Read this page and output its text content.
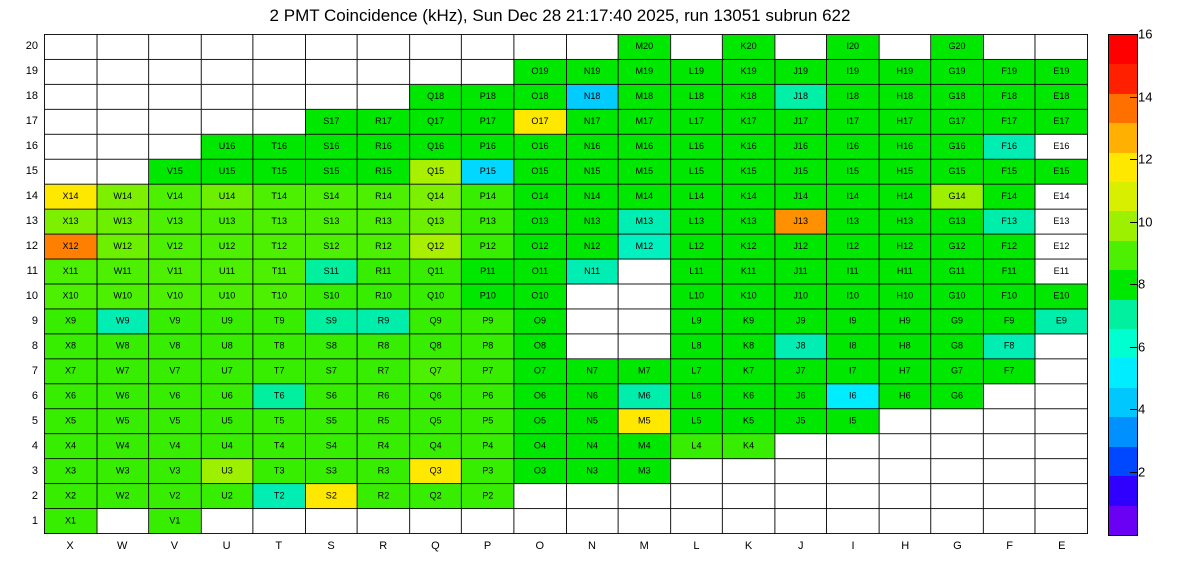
2 PMT Coincidence (kHz), Sun Dec 28 21:17:40 2025, run 13051 subrun 622
20
19
18
17
16
15
14
13
12
11
10
9
8
7
6
5
4
3
2
1
											M20		K20		I20		G20		
									O19	N19	M19	L19	K19	J19	I19	H19	G19	F19	E19
							Q18	P18	O18	N18	M18	L18	K18	J18	I18	H18	G18	F18	E18
					S17	R17	Q17	P17	O17	N17	M17	L17	K17	J17	I17	H17	G17	F17	E17
			U16	T16	S16	R16	Q16	P16	O16	N16	M16	L16	K16	J16	I16	H16	G16	F16	E16
		V15	U15	T15	S15	R15	Q15	P15	O15	N15	M15	L15	K15	J15	I15	H15	G15	F15	E15
X14	W14	V14	U14	T14	S14	R14	Q14	P14	O14	N14	M14	L14	K14	J14	I14	H14	G14	F14	E14
X13	W13	V13	U13	T13	S13	R13	Q13	P13	O13	N13	M13	L13	K13	J13	I13	H13	G13	F13	E13
X12	W12	V12	U12	T12	S12	R12	Q12	P12	O12	N12	M12	L12	K12	J12	I12	H12	G12	F12	E12
X11	W11	V11	U11	T11	S11	R11	Q11	P11	O11	N11		L11	K11	J11	I11	H11	G11	F11	E11
X10	W10	V10	U10	T10	S10	R10	Q10	P10	O10			L10	K10	J10	I10	H10	G10	F10	E10
X9	W9	V9	U9	T9	S9	R9	Q9	P9	O9			L9	K9	J9	I9	H9	G9	F9	E9
X8	W8	V8	U8	T8	S8	R8	Q8	P8	O8			L8	K8	J8	I8	H8	G8	F8	
X7	W7	V7	U7	T7	S7	R7	Q7	P7	O7	N7	M7	L7	K7	J7	I7	H7	G7	F7	
X6	W6	V6	U6	T6	S6	R6	Q6	P6	O6	N6	M6	L6	K6	J6	I6	H6	G6		
X5	W5	V5	U5	T5	S5	R5	Q5	P5	O5	N5	M5	L5	K5	J5	I5				
X4	W4	V4	U4	T4	S4	R4	Q4	P4	O4	N4	M4	L4	K4						
X3	W3	V3	U3	T3	S3	R3	Q3	P3	O3	N3	M3								
X2	W2	V2	U2	T2	S2	R2	Q2	P2											
X1		V1																	
X	W	V	U	T	S	R	Q	P	O	N	M	L	K	J	I	H	G	F	E
2
4
6
8
10
12
14
16
